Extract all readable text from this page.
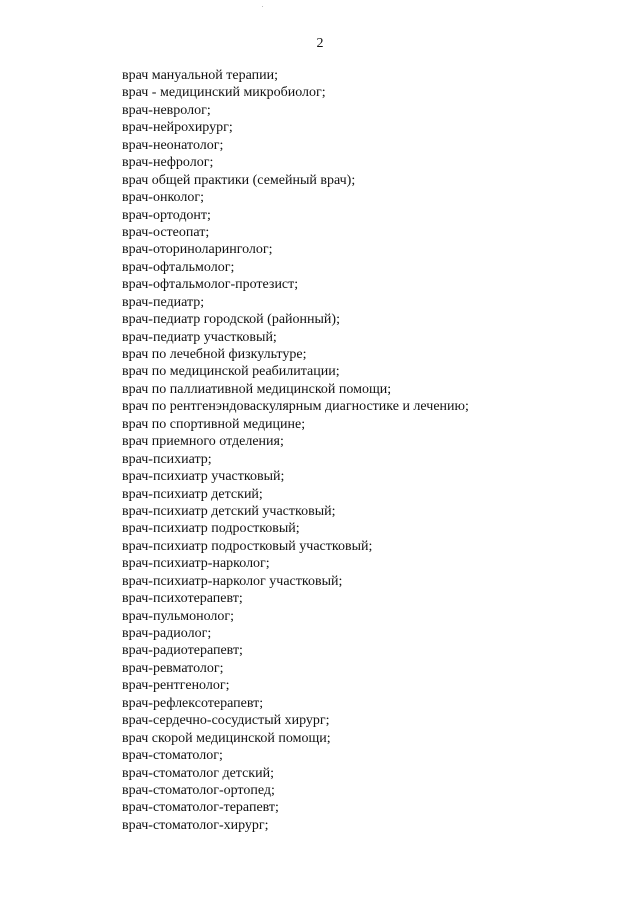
2
врач мануальной терапии;
врач - медицинский микробиолог;
врач-невролог;
врач-нейрохирург;
врач-неонатолог;
врач-нефролог;
врач общей практики (семейный врач);
врач-онколог;
врач-ортодонт;
врач-остеопат;
врач-оториноларинголог;
врач-офтальмолог;
врач-офтальмолог-протезист;
врач-педиатр;
врач-педиатр городской (районный);
врач-педиатр участковый;
врач по лечебной физкультуре;
врач по медицинской реабилитации;
врач по паллиативной медицинской помощи;
врач по рентгенэндоваскулярным диагностике и лечению;
врач по спортивной медицине;
врач приемного отделения;
врач-психиатр;
врач-психиатр участковый;
врач-психиатр детский;
врач-психиатр детский участковый;
врач-психиатр подростковый;
врач-психиатр подростковый участковый;
врач-психиатр-нарколог;
врач-психиатр-нарколог участковый;
врач-психотерапевт;
врач-пульмонолог;
врач-радиолог;
врач-радиотерапевт;
врач-ревматолог;
врач-рентгенолог;
врач-рефлексотерапевт;
врач-сердечно-сосудистый хирург;
врач скорой медицинской помощи;
врач-стоматолог;
врач-стоматолог детский;
врач-стоматолог-ортопед;
врач-стоматолог-терапевт;
врач-стоматолог-хирург;
